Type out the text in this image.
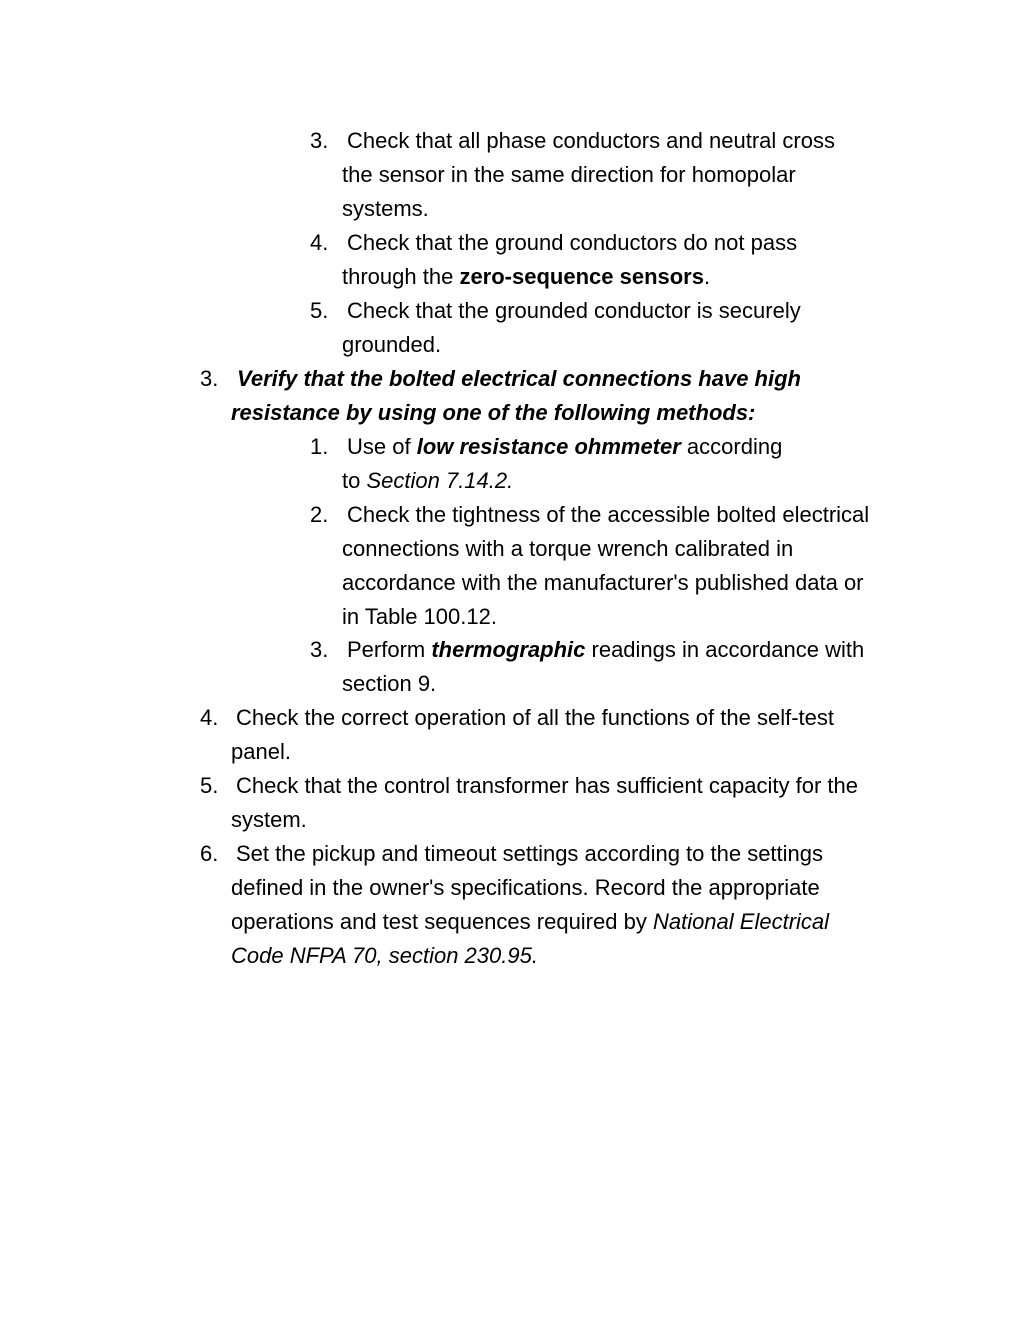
3. Check that all phase conductors and neutral cross
the sensor in the same direction for homopolar
systems.
4. Check that the ground conductors do not pass
through the zero-sequence sensors.
5. Check that the grounded conductor is securely
grounded.
3. Verify that the bolted electrical connections have high
resistance by using one of the following methods:
1. Use of low resistance ohmmeter according
to Section 7.14.2.
2. Check the tightness of the accessible bolted electrical
connections with a torque wrench calibrated in
accordance with the manufacturer's published data or
in Table 100.12.
3. Perform thermographic readings in accordance with
section 9.
4. Check the correct operation of all the functions of the self-test
panel.
5. Check that the control transformer has sufficient capacity for the
system.
6. Set the pickup and timeout settings according to the settings
defined in the owner's specifications. Record the appropriate
operations and test sequences required by National Electrical
Code NFPA 70, section 230.95.
